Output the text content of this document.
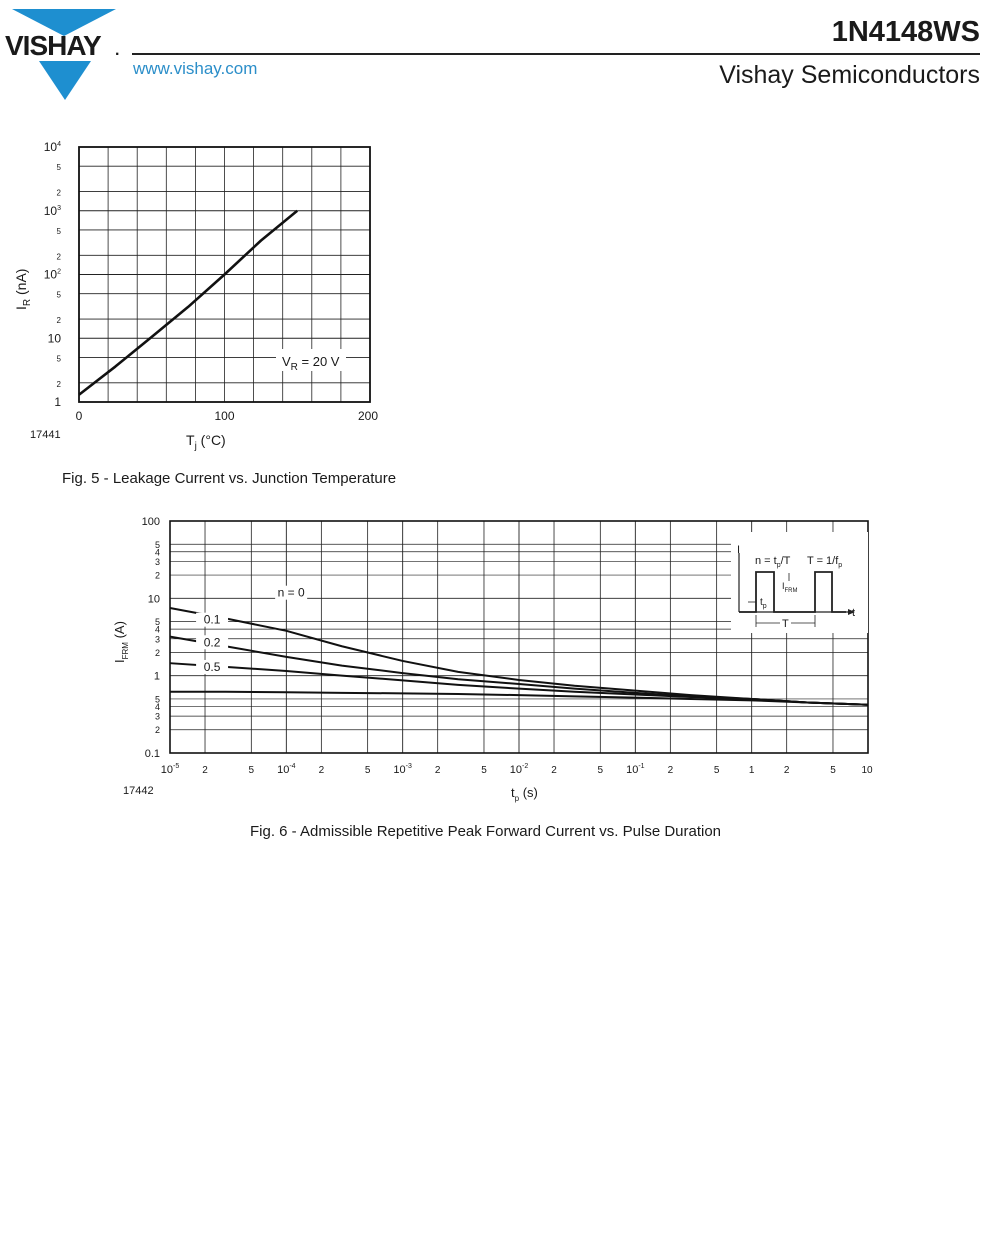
VISHAY .
www.vishay.com
1N4148WS
Vishay Semiconductors
$10^4$
5
2
$10^3$
5
2
$10^2$
5
2
10
5
2
1
0	100	200
$V_R = 20$ V
$I_R$ (nA)
$T_j$ (°C)
17441
Fig. 5 - Leakage Current vs. Junction Temperature
100
5
4
3
2
10
5
4
3
2
1
5
4
3
2
0.1
$10^{-5}$ 2	5 $10^{-4}$ 2	5 $10^{-3}$ 2	5 $10^{-2}$ 2	5 $10^{-1}$ 2	5	1	2	5	10
n = 0
0.1
0.2
0.5
I
t
$n = t_p/T$ $T = 1/f_p$
$I_{FRM}$
$t_p$
T
$I_{FRM}$ (A)
$t_p$ (s)
17442
Fig. 6 - Admissible Repetitive Peak Forward Current vs. Pulse Duration
